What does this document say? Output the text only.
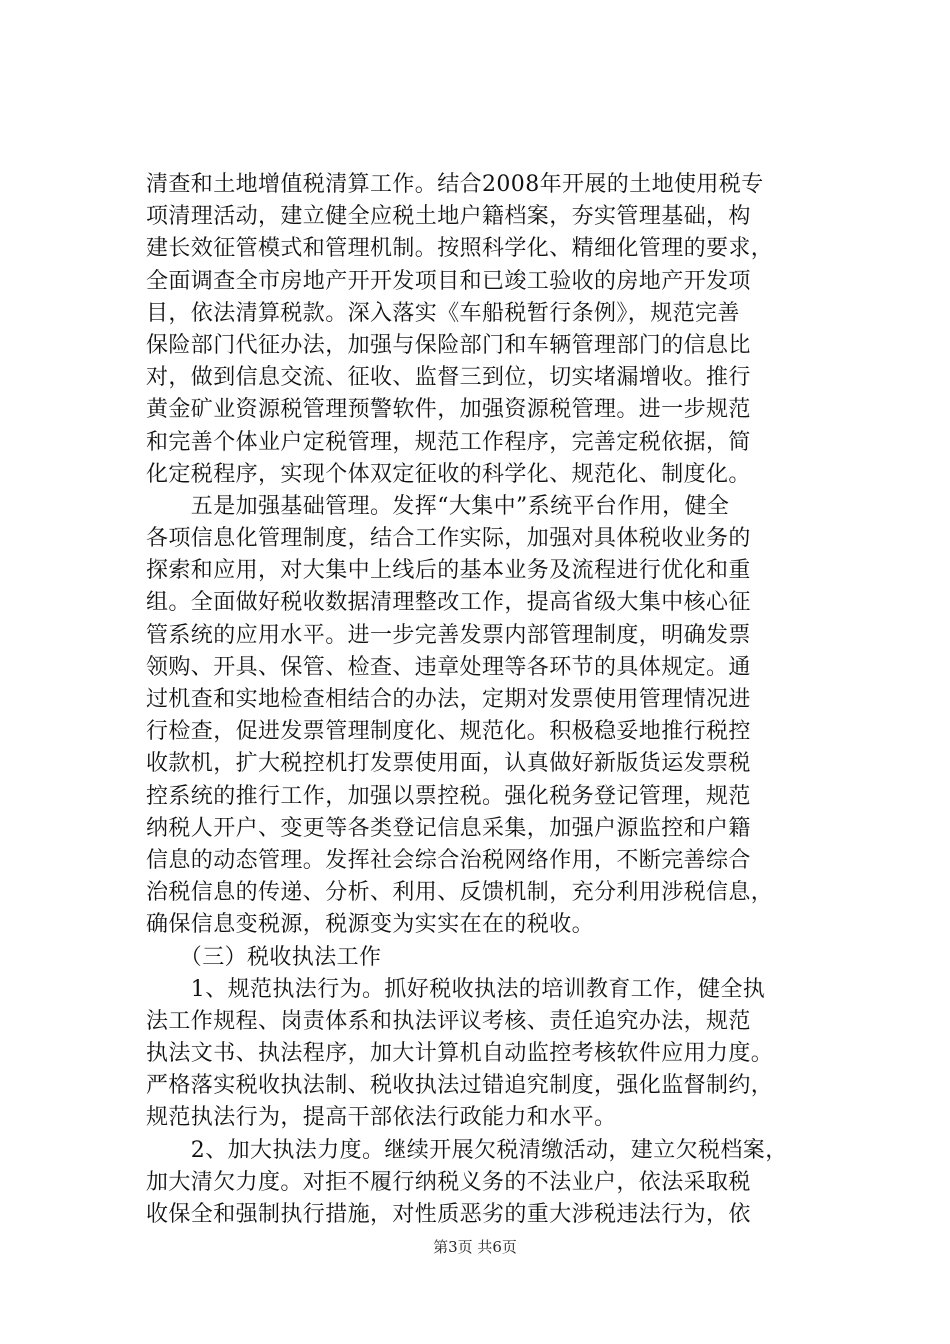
清查和土地增值税清算工作。结合2008年开展的土地使用税专
项清理活动，建立健全应税土地户籍档案，夯实管理基础，构
建长效征管模式和管理机制。按照科学化、精细化管理的要求，
全面调查全市房地产开开发项目和已竣工验收的房地产开发项
目，依法清算税款。深入落实《车船税暂行条例》，规范完善
保险部门代征办法，加强与保险部门和车辆管理部门的信息比
对，做到信息交流、征收、监督三到位，切实堵漏增收。推行
黄金矿业资源税管理预警软件，加强资源税管理。进一步规范
和完善个体业户定税管理，规范工作程序，完善定税依据，简
化定税程序，实现个体双定征收的科学化、规范化、制度化。
　　五是加强基础管理。发挥“大集中”系统平台作用，健全
各项信息化管理制度，结合工作实际，加强对具体税收业务的
探索和应用，对大集中上线后的基本业务及流程进行优化和重
组。全面做好税收数据清理整改工作，提高省级大集中核心征
管系统的应用水平。进一步完善发票内部管理制度，明确发票
领购、开具、保管、检查、违章处理等各环节的具体规定。通
过机查和实地检查相结合的办法，定期对发票使用管理情况进
行检查，促进发票管理制度化、规范化。积极稳妥地推行税控
收款机，扩大税控机打发票使用面，认真做好新版货运发票税
控系统的推行工作，加强以票控税。强化税务登记管理，规范
纳税人开户、变更等各类登记信息采集，加强户源监控和户籍
信息的动态管理。发挥社会综合治税网络作用，不断完善综合
治税信息的传递、分析、利用、反馈机制，充分利用涉税信息，
确保信息变税源，税源变为实实在在的税收。
　　（三）税收执法工作
　　1、规范执法行为。抓好税收执法的培训教育工作，健全执
法工作规程、岗责体系和执法评议考核、责任追究办法，规范
执法文书、执法程序，加大计算机自动监控考核软件应用力度。
严格落实税收执法制、税收执法过错追究制度，强化监督制约，
规范执法行为，提高干部依法行政能力和水平。
　　2、加大执法力度。继续开展欠税清缴活动，建立欠税档案，
加大清欠力度。对拒不履行纳税义务的不法业户，依法采取税
收保全和强制执行措施，对性质恶劣的重大涉税违法行为，依
第3页 共6页
